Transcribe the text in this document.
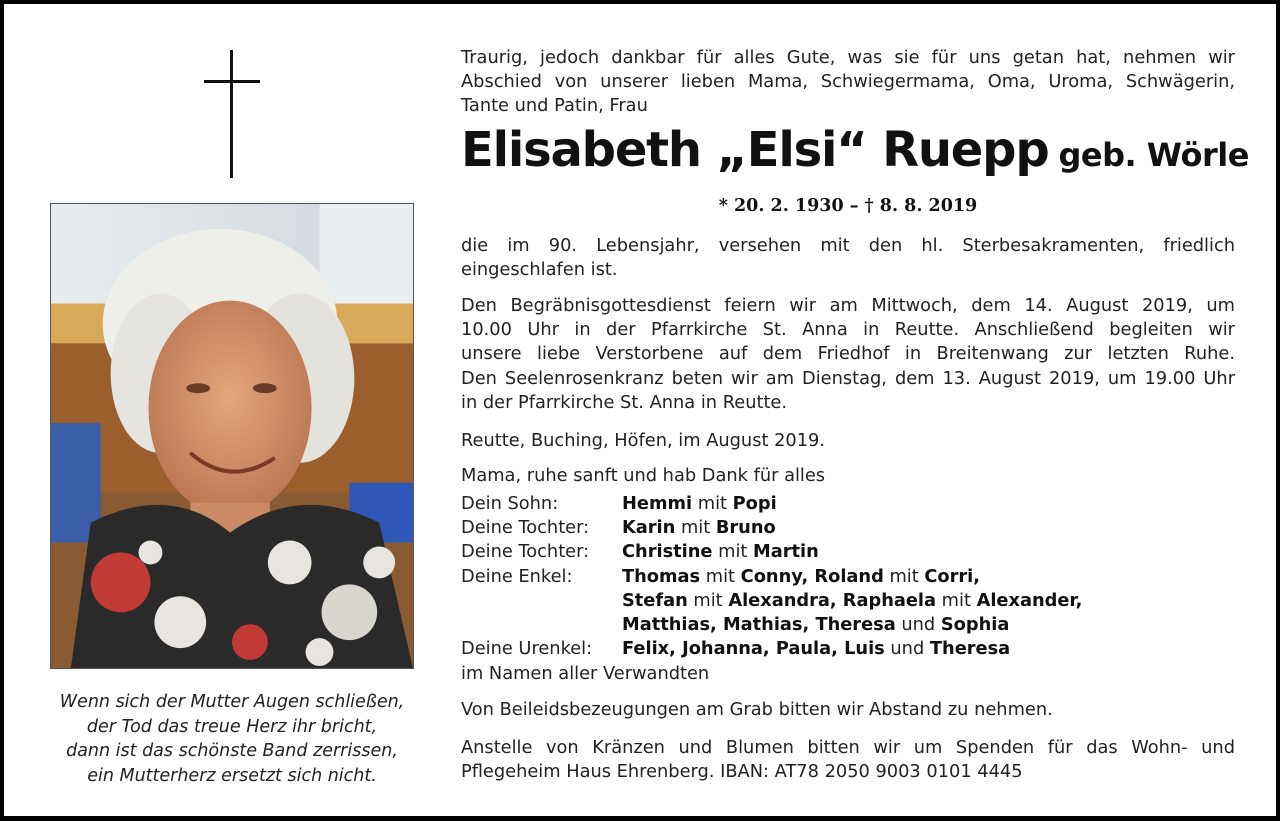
Wenn sich der Mutter Augen schließen,
der Tod das treue Herz ihr bricht,
dann ist das schönste Band zerrissen,
ein Mutterherz ersetzt sich nicht.
Traurig, jedoch dankbar für alles Gute, was sie für uns getan hat, nehmen wir
Abschied von unserer lieben Mama, Schwiegermama, Oma, Uroma, Schwägerin,
Tante und Patin, Frau
Elisabeth „Elsi“ Ruepp geb. Wörle
* 20. 2. 1930 – † 8. 8. 2019
die im 90. Lebensjahr, versehen mit den hl. Sterbesakramenten, friedlich
eingeschlafen ist.
Den Begräbnisgottesdienst feiern wir am Mittwoch, dem 14. August 2019, um
10.00 Uhr in der Pfarrkirche St. Anna in Reutte. Anschließend begleiten wir
unsere liebe Verstorbene auf dem Friedhof in Breitenwang zur letzten Ruhe.
Den Seelenrosenkranz beten wir am Dienstag, dem 13. August 2019, um 19.00 Uhr
in der Pfarrkirche St. Anna in Reutte.
Reutte, Buching, Höfen, im August 2019.
Mama, ruhe sanft und hab Dank für alles
Dein Sohn:	Hemmi mit Popi
Deine Tochter:	Karin mit Bruno
Deine Tochter:	Christine mit Martin
Deine Enkel:	Thomas mit Conny, Roland mit Corri,
Stefan mit Alexandra, Raphaela mit Alexander,
Matthias, Mathias, Theresa und Sophia
Deine Urenkel:	Felix, Johanna, Paula, Luis und Theresa
im Namen aller Verwandten
Von Beileidsbezeugungen am Grab bitten wir Abstand zu nehmen.
Anstelle von Kränzen und Blumen bitten wir um Spenden für das Wohn- und
Pflegeheim Haus Ehrenberg. IBAN: AT78 2050 9003 0101 4445
